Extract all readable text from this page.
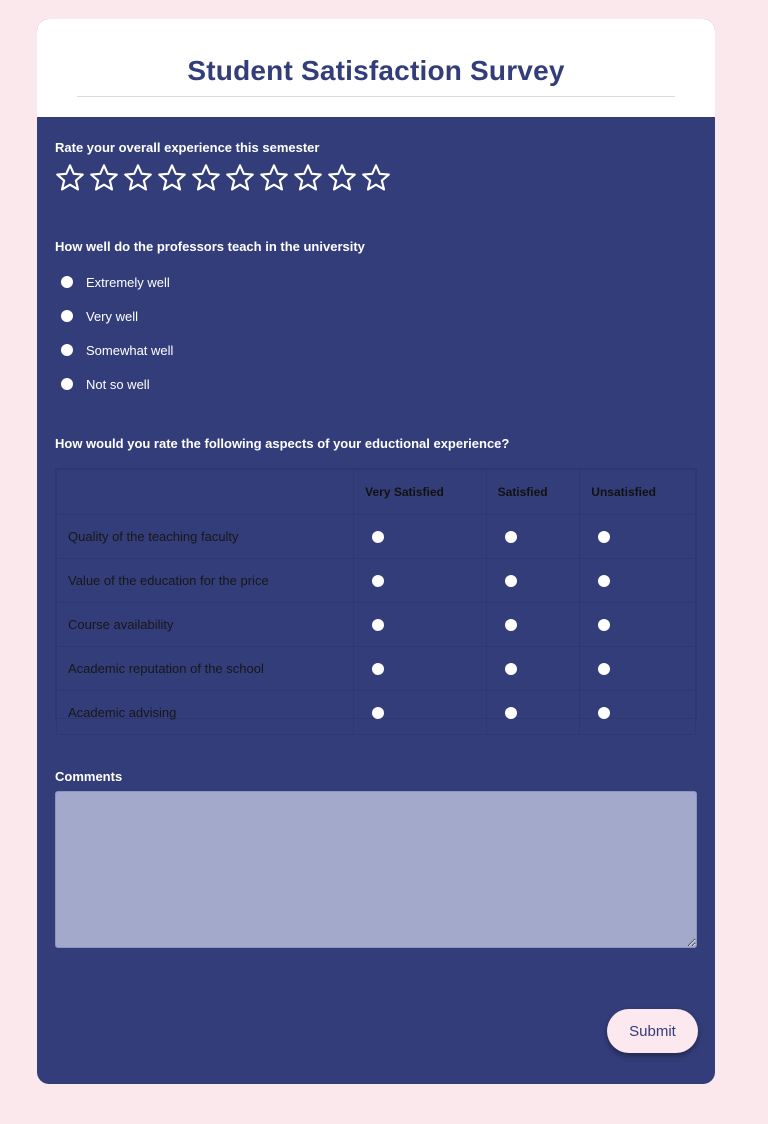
Student Satisfaction Survey
Rate your overall experience this semester
How well do the professors teach in the university
Extremely well
Very well
Somewhat well
Not so well
How would you rate the following aspects of your eductional experience?
	Very Satisfied	Satisfied	Unsatisfied
Quality of the teaching faculty	

Value of the education for the price	

Course availability	

Academic reputation of the school	

Academic advising	

Comments
Submit
